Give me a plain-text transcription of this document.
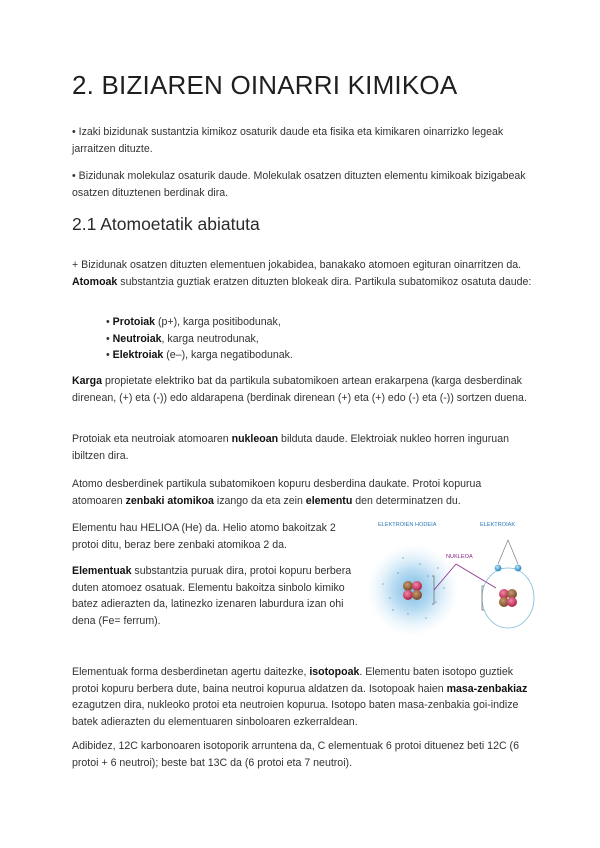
2. BIZIAREN OINARRI KIMIKOA

• Izaki bizidunak sustantzia kimikoz osaturik daude eta fisika eta kimikaren oinarrizko legeak jarraitzen dituzte.

• Bizidunak molekulaz osaturik daude. Molekulak osatzen dituzten elementu kimikoak bizigabeak osatzen dituztenen berdinak dira.

2.1 Atomoetatik abiatuta
+ Bizidunak osatzen dituzten elementuen jokabidea, banakako atomoen egituran oinarritzen da.
Atomoak substantzia guztiak eratzen dituzten blokeak dira. Partikula subatomikoz osatuta daude:
• Protoiak (p+), karga positibodunak,
• Neutroiak, karga neutrodunak,
• Elektroiak (e–), karga negatibodunak.
Karga propietate elektriko bat da partikula subatomikoen artean erakarpena (karga desberdinak direnean, (+) eta (-)) edo aldarapena (berdinak direnean (+) eta (+) edo (-) eta (-)) sortzen duena.
Protoiak eta neutroiak atomoaren nukleoan bilduta daude. Elektroiak nukleo horren inguruan ibiltzen dira.
Atomo desberdinek partikula subatomikoen kopuru desberdina daukate. Protoi kopurua atomoaren zenbaki atomikoa izango da eta zein elementu den determinatzen du.

Elementu hau HELIOA (He) da. Helio atomo bakoitzak 2 protoi ditu, beraz bere zenbaki atomikoa 2 da.

Elementuak substantzia puruak dira, protoi kopuru berbera duten atomoez osatuak. Elementu bakoitza sinbolo kimiko batez adierazten da, latinezko izenaren laburdura izan ohi dena (Fe= ferrum).
Elementuak forma desberdinetan agertu daitezke, isotopoak. Elementu baten isotopo guztiek protoi kopuru berbera dute, baina neutroi kopurua aldatzen da. Isotopoak haien masa-zenbakiaz ezagutzen dira, nukleoko protoi eta neutroien kopurua. Isotopo baten masa-zenbakia goi-indize batek adierazten du elementuaren sinboloaren ezkerraldean.

Adibidez, 12C karbonoaren isotoporik arruntena da, C elementuak 6 protoi dituenez beti 12C (6 protoi + 6 neutroi); beste bat 13C da (6 protoi eta 7 neutroi).

ELEKTROIEN HODEIA	ELEKTROIAK
NUKLEOA
